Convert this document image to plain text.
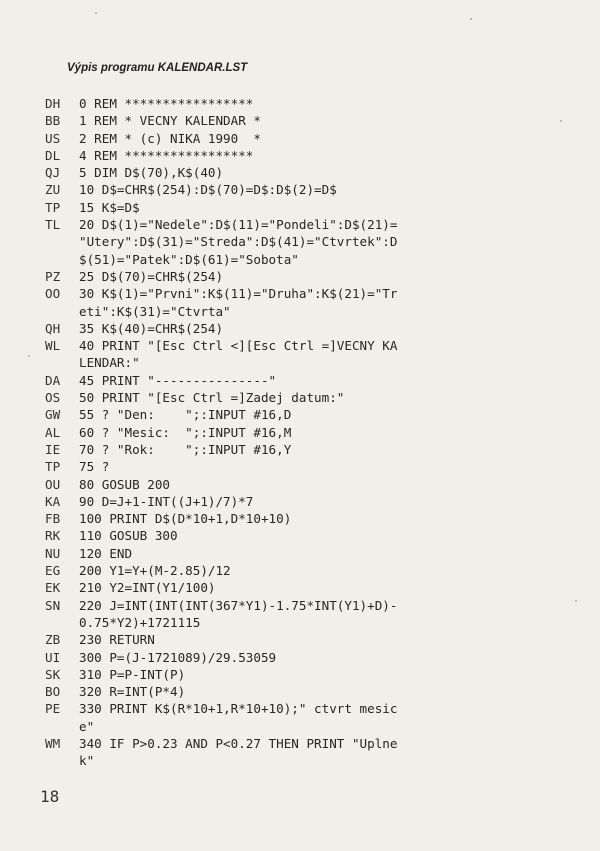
Výpis programu KALENDAR.LST
DH	0 REM *****************
BB	1 REM * VECNY KALENDAR *
US	2 REM * (c) NIKA 1990  *
DL	4 REM *****************
QJ	5 DIM D$(70),K$(40)
ZU	10 D$=CHR$(254):D$(70)=D$:D$(2)=D$
TP	15 K$=D$
TL	20 D$(1)="Nedele":D$(11)="Pondeli":D$(21)=
"Utery":D$(31)="Streda":D$(41)="Ctvrtek":D
$(51)="Patek":D$(61)="Sobota"
PZ	25 D$(70)=CHR$(254)
OO	30 K$(1)="Prvni":K$(11)="Druha":K$(21)="Tr
eti":K$(31)="Ctvrta"
QH	35 K$(40)=CHR$(254)
WL	40 PRINT "[Esc Ctrl <][Esc Ctrl =]VECNY KA
LENDAR:"
DA	45 PRINT "---------------"
OS	50 PRINT "[Esc Ctrl =]Zadej datum:"
GW	55 ? "Den:    ";:INPUT #16,D
AL	60 ? "Mesic:  ";:INPUT #16,M
IE	70 ? "Rok:    ";:INPUT #16,Y
TP	75 ?
OU	80 GOSUB 200
KA	90 D=J+1-INT((J+1)/7)*7
FB	100 PRINT D$(D*10+1,D*10+10)
RK	110 GOSUB 300
NU	120 END
EG	200 Y1=Y+(M-2.85)/12
EK	210 Y2=INT(Y1/100)
SN	220 J=INT(INT(INT(367*Y1)-1.75*INT(Y1)+D)-
0.75*Y2)+1721115
ZB	230 RETURN
UI	300 P=(J-1721089)/29.53059
SK	310 P=P-INT(P)
BO	320 R=INT(P*4)
PE	330 PRINT K$(R*10+1,R*10+10);" ctvrt mesic
e"
WM	340 IF P>0.23 AND P<0.27 THEN PRINT "Uplne
k"
18
